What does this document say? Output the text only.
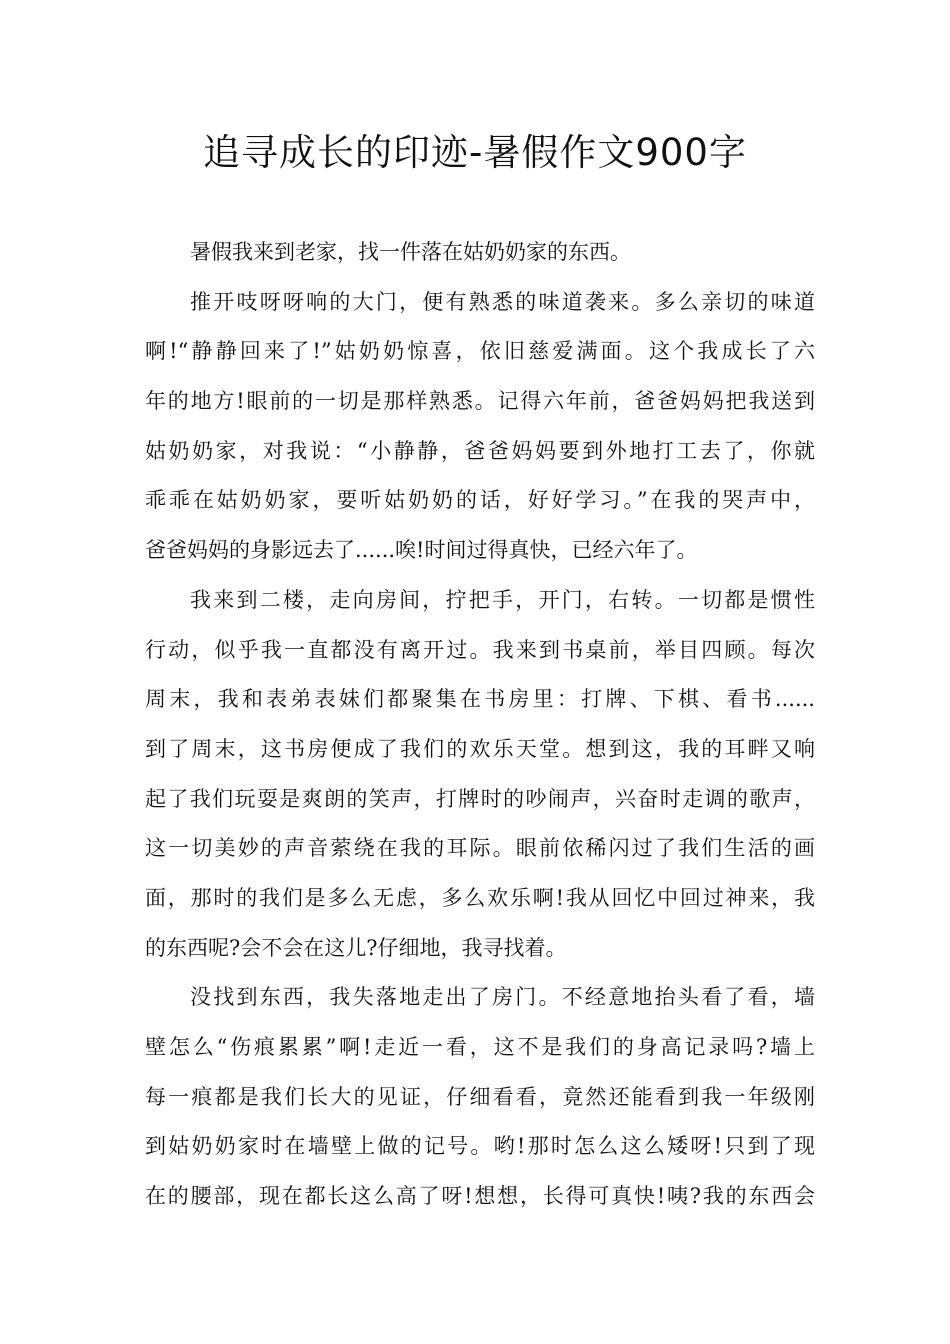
追寻成长的印迹-暑假作文900字

暑假我来到老家，找一件落在姑奶奶家的东西。

推开吱呀呀响的大门，便有熟悉的味道袭来。多么亲切的味道
啊!“静静回来了!”姑奶奶惊喜，依旧慈爱满面。这个我成长了六
年的地方!眼前的一切是那样熟悉。记得六年前，爸爸妈妈把我送到
姑奶奶家，对我说：“小静静，爸爸妈妈要到外地打工去了，你就
乖乖在姑奶奶家，要听姑奶奶的话，好好学习。”在我的哭声中，
爸爸妈妈的身影远去了......唉!时间过得真快，已经六年了。

我来到二楼，走向房间，拧把手，开门，右转。一切都是惯性
行动，似乎我一直都没有离开过。我来到书桌前，举目四顾。每次
周末，我和表弟表妹们都聚集在书房里：打牌、下棋、看书......
到了周末，这书房便成了我们的欢乐天堂。想到这，我的耳畔又响
起了我们玩耍是爽朗的笑声，打牌时的吵闹声，兴奋时走调的歌声，
这一切美妙的声音萦绕在我的耳际。眼前依稀闪过了我们生活的画
面，那时的我们是多么无虑，多么欢乐啊!我从回忆中回过神来，我
的东西呢?会不会在这儿?仔细地，我寻找着。

没找到东西，我失落地走出了房门。不经意地抬头看了看，墙
壁怎么“伤痕累累”啊!走近一看，这不是我们的身高记录吗?墙上
每一痕都是我们长大的见证，仔细看看，竟然还能看到我一年级刚
到姑奶奶家时在墙壁上做的记号。哟!那时怎么这么矮呀!只到了现
在的腰部，现在都长这么高了呀!想想，长得可真快!咦?我的东西会
